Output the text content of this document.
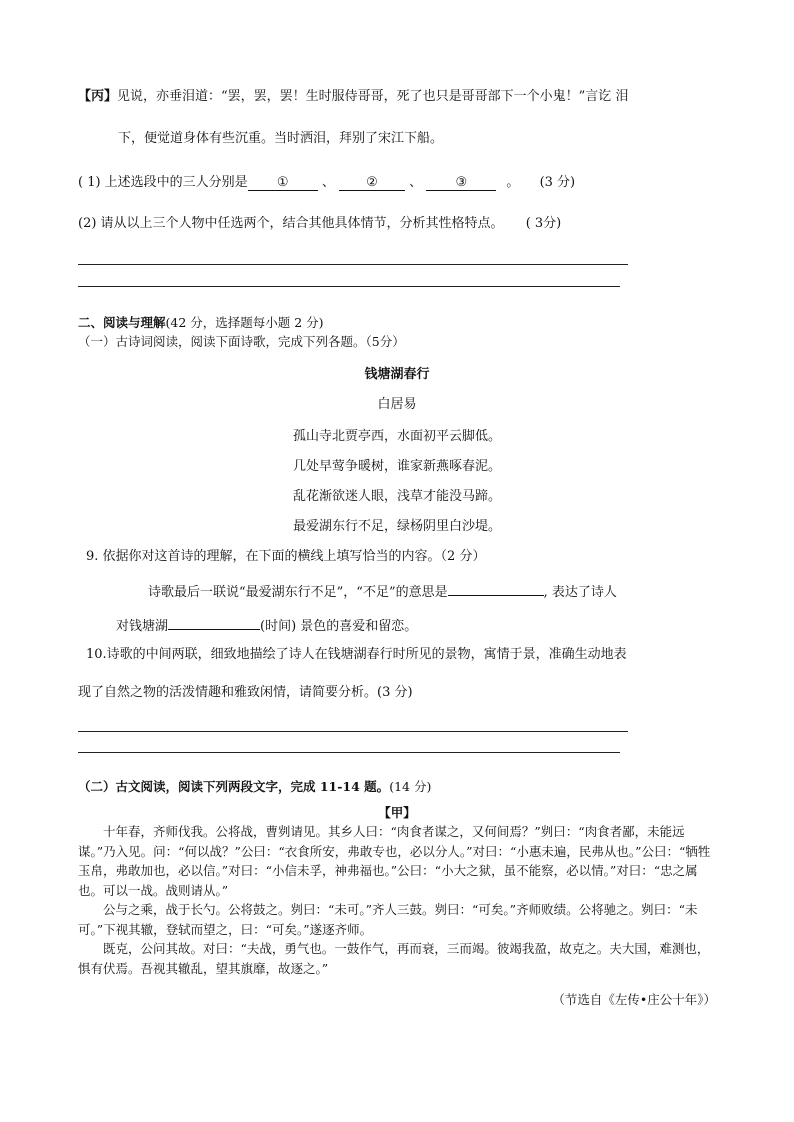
【丙】见说，亦垂泪道：“罢，罢，罢！生时服侍哥哥，死了也只是哥哥部下一个小鬼！”言讫 泪
下，便觉道身体有些沉重。当时洒泪，拜别了宋江下船。
( 1) 上述选段中的三人分别是 ①	、 ② 、	③	。 (3 分)
(2) 请从以上三个人物中任选两个，结合其他具体情节，分析其性格特点。 ( 3分)
二、阅读与理解(42 分，选择题每小题 2 分)
（一）古诗词阅读，阅读下面诗歌，完成下列各题。（5分）
钱塘湖春行
白居易
孤山寺北贾亭西，水面初平云脚低。
几处早莺争暖树，谁家新燕啄春泥。
乱花渐欲迷人眼，浅草才能没马蹄。
最爱湖东行不足，绿杨阴里白沙堤。
9. 依据你对这首诗的理解，在下面的横线上填写恰当的内容。（2 分）
诗歌最后一联说“最爱湖东行不足”，“不足”的意思是	, 表达了诗人
对钱塘湖	(时间) 景色的喜爱和留恋。
10.诗歌的中间两联，细致地描绘了诗人在钱塘湖春行时所见的景物，寓情于景，准确生动地表
现了自然之物的活泼情趣和雅致闲情，请简要分析。(3 分)
（二）古文阅读，阅读下列两段文字，完成 11-14 题。(14 分)
【甲】
十年春，齐师伐我。公将战，曹刿请见。其乡人曰：“肉食者谋之，又何间焉？”刿曰：“肉食者鄙，未能远谋。”乃入见。问：“何以战？”公曰：“衣食所安，弗敢专也，必以分人。”对曰：“小惠未遍，民弗从也。”公曰：“牺牲玉帛，弗敢加也，必以信。”对曰：“小信未孚，神弗福也。”公曰：“小大之狱，虽不能察，必以情。”对曰：“忠之属也。可以一战。战则请从。”
公与之乘，战于长勺。公将鼓之。刿曰：“未可。”齐人三鼓。刿曰：“可矣。”齐师败绩。公将驰之。刿曰：“未可。”下视其辙，登轼而望之，曰：“可矣。”遂逐齐师。
既克，公问其故。对曰：“夫战，勇气也。一鼓作气，再而衰，三而竭。彼竭我盈，故克之。夫大国，难测也，惧有伏焉。吾视其辙乱，望其旗靡，故逐之。”
（节选自《左传•庄公十年》）
